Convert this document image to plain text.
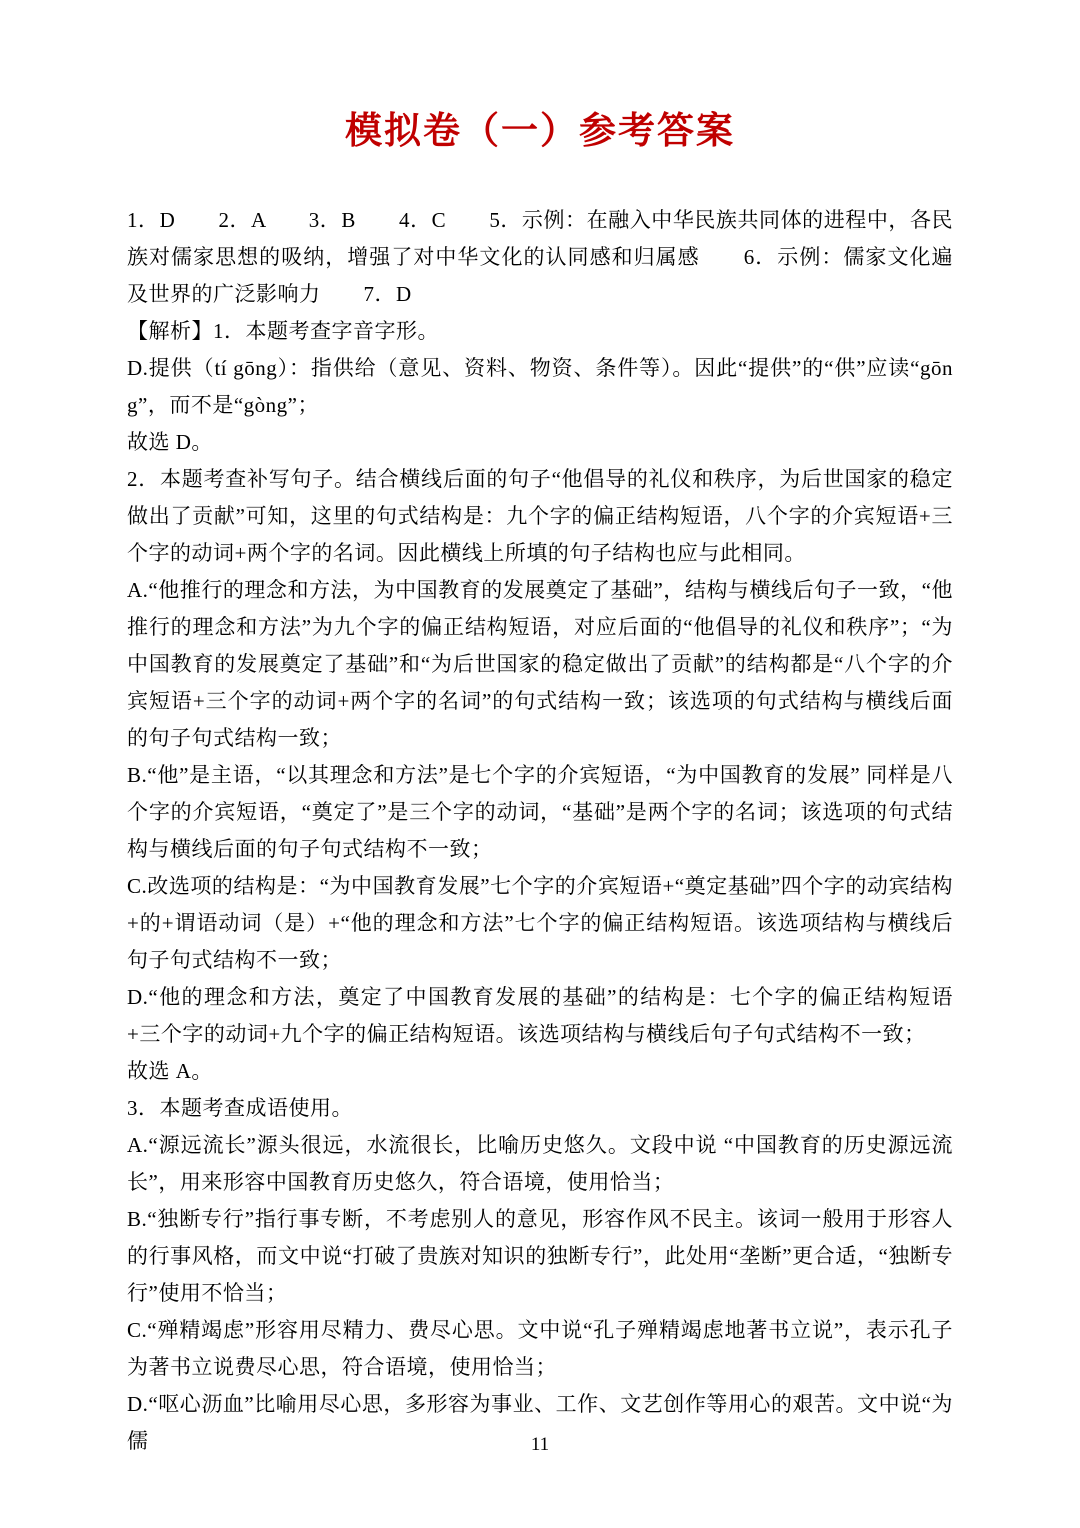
模拟卷（一）参考答案

1．D　　2．A　　3．B　　4．C　　5．示例：在融入中华民族共同体的进程中，各民族对儒家思想的吸纳，增强了对中华文化的认同感和归属感　　6．示例：儒家文化遍及世界的广泛影响力　　7．D

【解析】1．本题考查字音字形。

D.提供（tí gōng）：指供给（意见、资料、物资、条件等）。因此“提供”的“供”应读“gōng”，而不是“gòng”；

故选 D。

2．本题考查补写句子。结合横线后面的句子“他倡导的礼仪和秩序，为后世国家的稳定做出了贡献”可知，这里的句式结构是：九个字的偏正结构短语，八个字的介宾短语+三个字的动词+两个字的名词。因此横线上所填的句子结构也应与此相同。

A.“他推行的理念和方法，为中国教育的发展奠定了基础”，结构与横线后句子一致，“他推行的理念和方法”为九个字的偏正结构短语，对应后面的“他倡导的礼仪和秩序”；“为中国教育的发展奠定了基础”和“为后世国家的稳定做出了贡献”的结构都是“八个字的介宾短语+三个字的动词+两个字的名词”的句式结构一致；该选项的句式结构与横线后面的句子句式结构一致；

B.“他”是主语，“以其理念和方法”是七个字的介宾短语，“为中国教育的发展” 同样是八个字的介宾短语，“奠定了”是三个字的动词，“基础”是两个字的名词；该选项的句式结构与横线后面的句子句式结构不一致；

C.改选项的结构是：“为中国教育发展”七个字的介宾短语+“奠定基础”四个字的动宾结构+的+谓语动词（是）+“他的理念和方法”七个字的偏正结构短语。该选项结构与横线后句子句式结构不一致；

D.“他的理念和方法，奠定了中国教育发展的基础”的结构是：七个字的偏正结构短语+三个字的动词+九个字的偏正结构短语。该选项结构与横线后句子句式结构不一致；

故选 A。

3．本题考查成语使用。

A.“源远流长”源头很远，水流很长，比喻历史悠久。文段中说 “中国教育的历史源远流长”，用来形容中国教育历史悠久，符合语境，使用恰当；

B.“独断专行”指行事专断，不考虑别人的意见，形容作风不民主。该词一般用于形容人的行事风格，而文中说“打破了贵族对知识的独断专行”，此处用“垄断”更合适，“独断专行”使用不恰当；

C.“殚精竭虑”形容用尽精力、费尽心思。文中说“孔子殚精竭虑地著书立说”，表示孔子为著书立说费尽心思，符合语境，使用恰当；

D.“呕心沥血”比喻用尽心思，多形容为事业、工作、文艺创作等用心的艰苦。文中说“为儒	11
